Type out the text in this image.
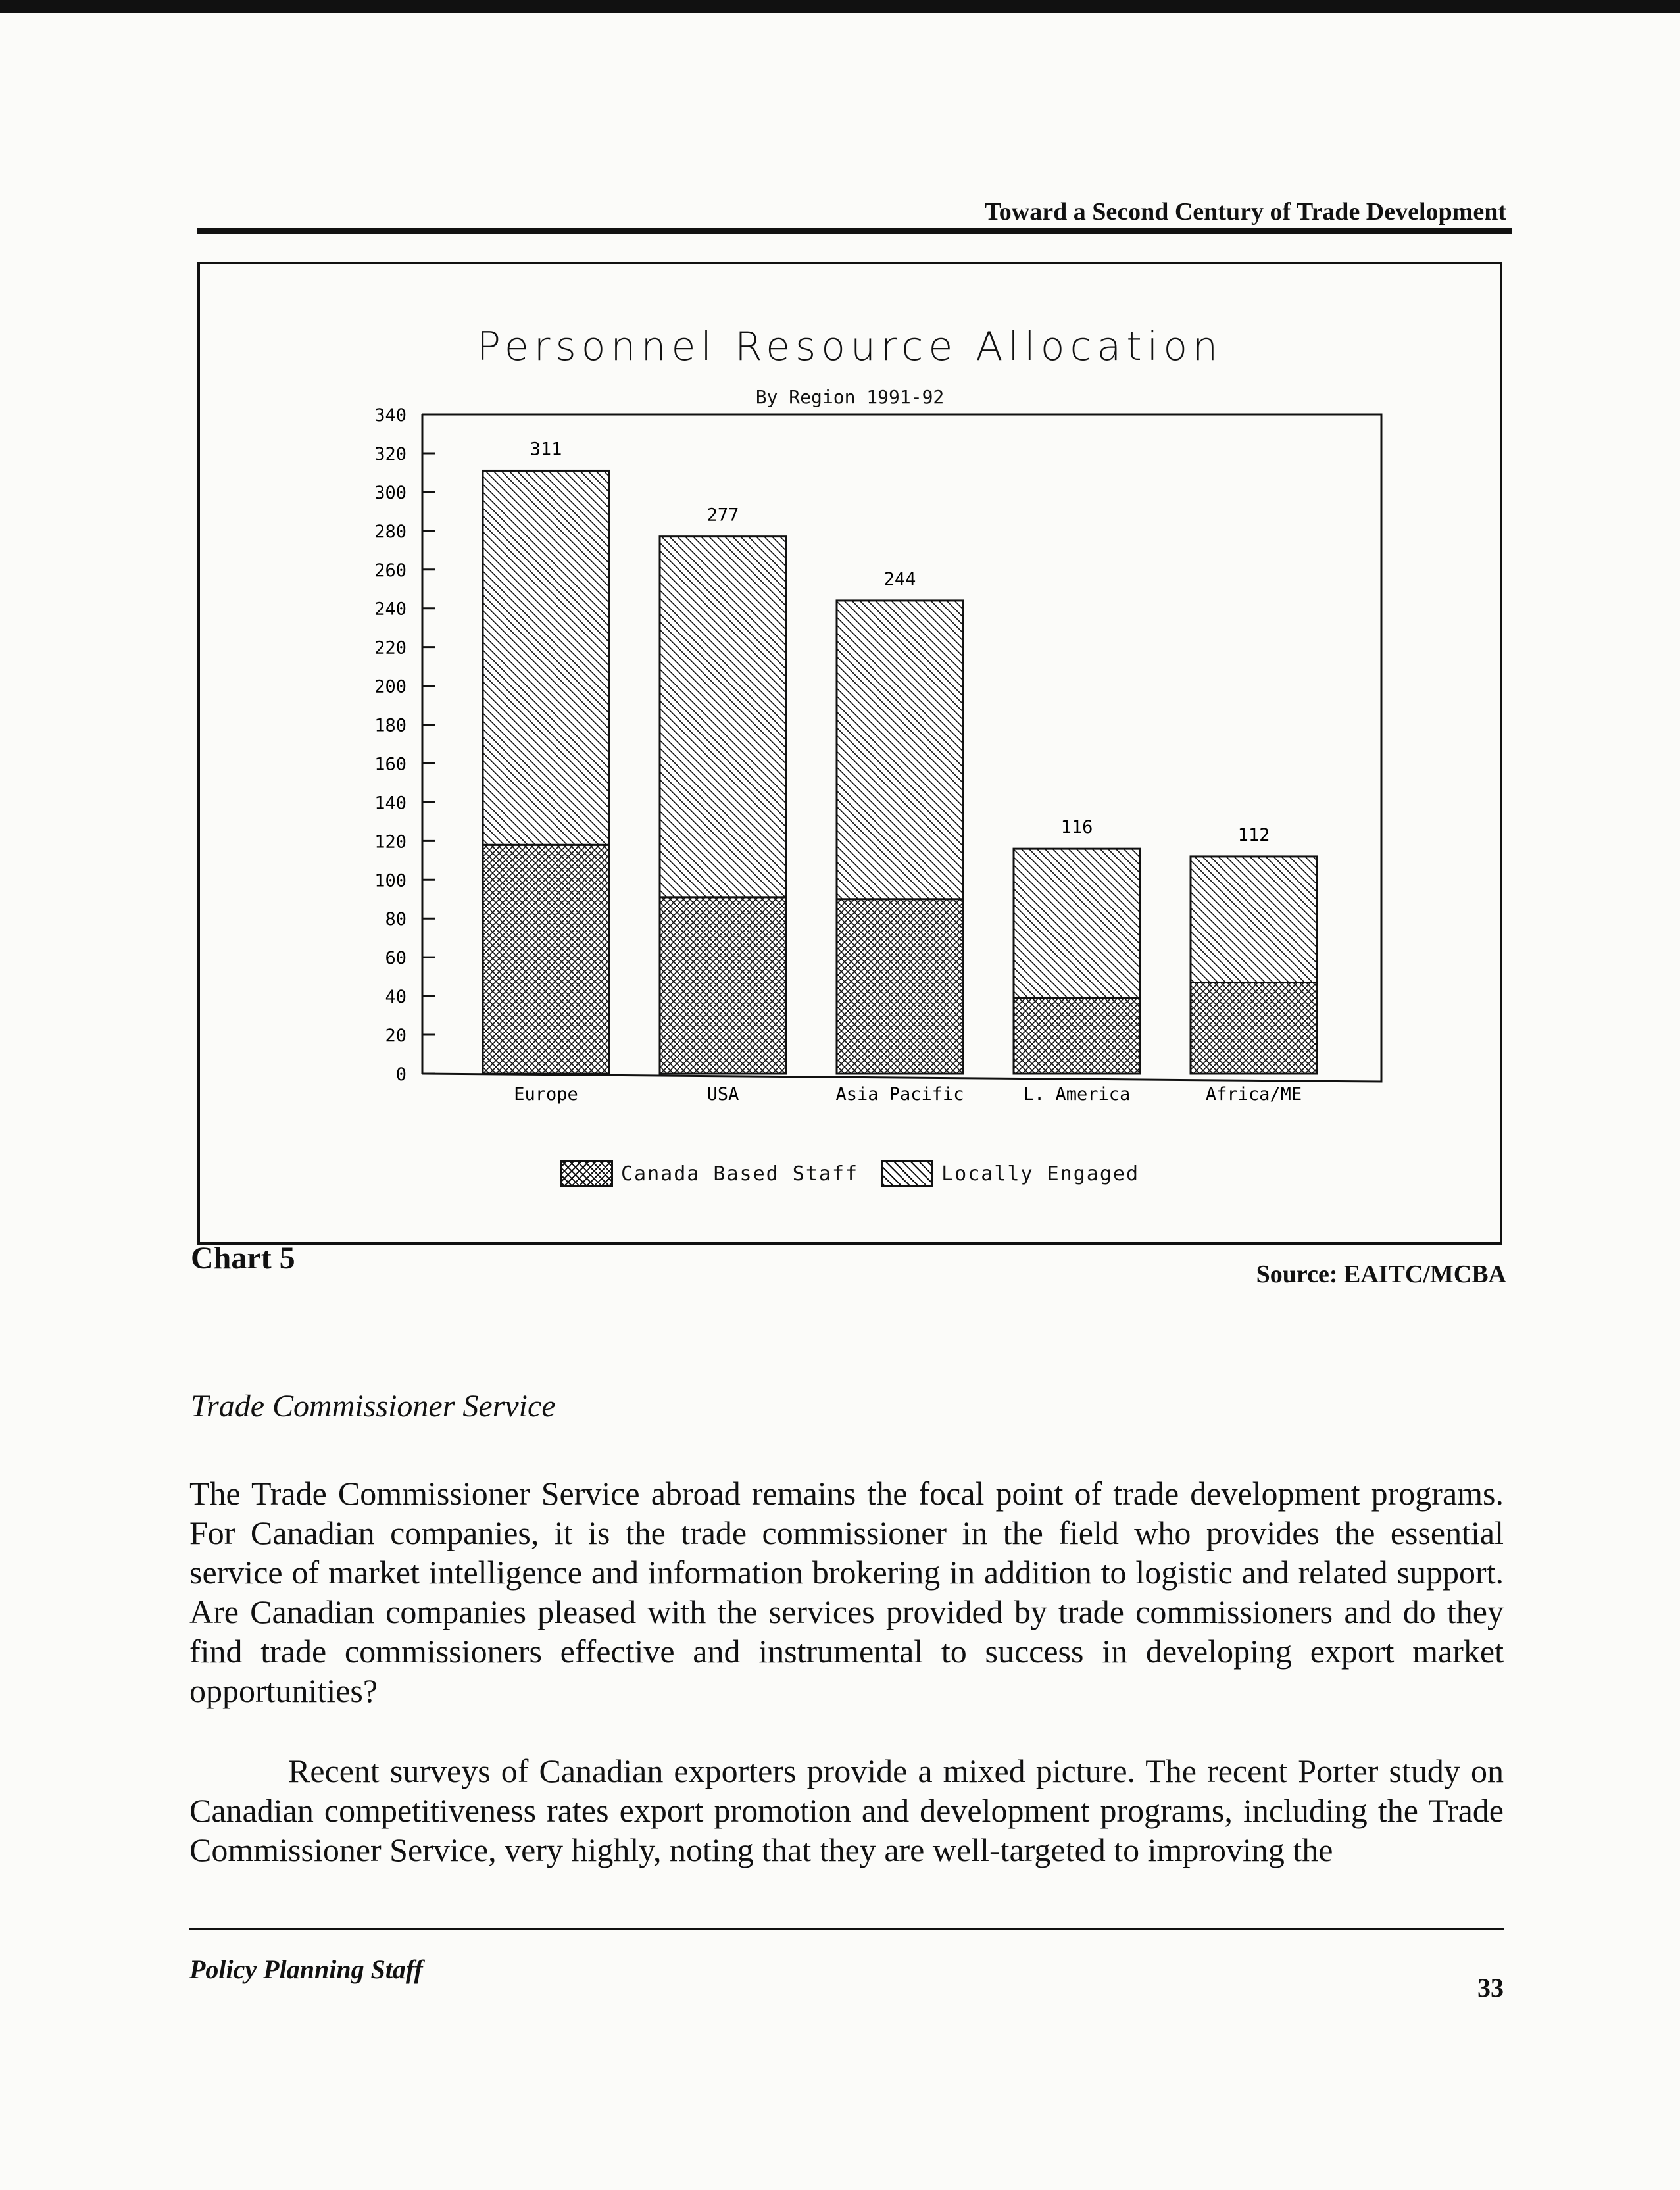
Toward a Second Century of Trade Development
Personnel Resource Allocation
By Region 1991-92
0
20
40
60
80
100
120
140
160
180
200
220
240
260
280
300
320
340
311
Europe
277
USA
244
Asia Pacific
116
L. America
112
Africa/ME
Canada Based Staff	Locally Engaged
Chart 5	Source: EAITC/MCBA
Trade Commissioner Service

The Trade Commissioner Service abroad remains the focal point of trade development programs. For Canadian companies, it is the trade commissioner in the field who provides the essential service of market intelligence and information brokering in addition to logistic and related support. Are Canadian companies pleased with the services provided by trade commissioners and do they find trade commissioners effective and instrumental to success in developing export market opportunities?

Recent surveys of Canadian exporters provide a mixed picture. The recent Porter study on Canadian competitiveness rates export promotion and development programs, including the Trade Commissioner Service, very highly, noting that they are well-targeted to improving the

Policy Planning Staff
33
